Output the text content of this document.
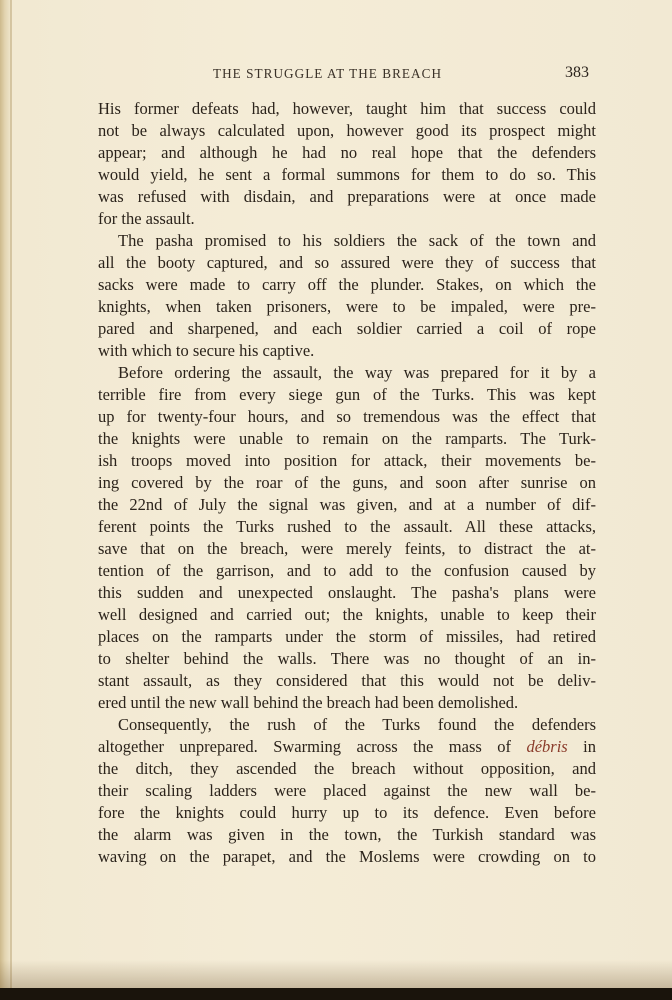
THE STRUGGLE AT THE BREACH	383
His former defeats had, however, taught him that success could
not be always calculated upon, however good its prospect might
appear; and although he had no real hope that the defenders
would yield, he sent a formal summons for them to do so. This
was refused with disdain, and preparations were at once made
for the assault.
The pasha promised to his soldiers the sack of the town and
all the booty captured, and so assured were they of success that
sacks were made to carry off the plunder. Stakes, on which the
knights, when taken prisoners, were to be impaled, were pre-
pared and sharpened, and each soldier carried a coil of rope
with which to secure his captive.
Before ordering the assault, the way was prepared for it by a
terrible fire from every siege gun of the Turks. This was kept
up for twenty-four hours, and so tremendous was the effect that
the knights were unable to remain on the ramparts. The Turk-
ish troops moved into position for attack, their movements be-
ing covered by the roar of the guns, and soon after sunrise on
the 22nd of July the signal was given, and at a number of dif-
ferent points the Turks rushed to the assault. All these attacks,
save that on the breach, were merely feints, to distract the at-
tention of the garrison, and to add to the confusion caused by
this sudden and unexpected onslaught. The pasha's plans were
well designed and carried out; the knights, unable to keep their
places on the ramparts under the storm of missiles, had retired
to shelter behind the walls. There was no thought of an in-
stant assault, as they considered that this would not be deliv-
ered until the new wall behind the breach had been demolished.
Consequently, the rush of the Turks found the defenders
altogether unprepared. Swarming across the mass of débris in
the ditch, they ascended the breach without opposition, and
their scaling ladders were placed against the new wall be-
fore the knights could hurry up to its defence. Even before
the alarm was given in the town, the Turkish standard was
waving on the parapet, and the Moslems were crowding on to
